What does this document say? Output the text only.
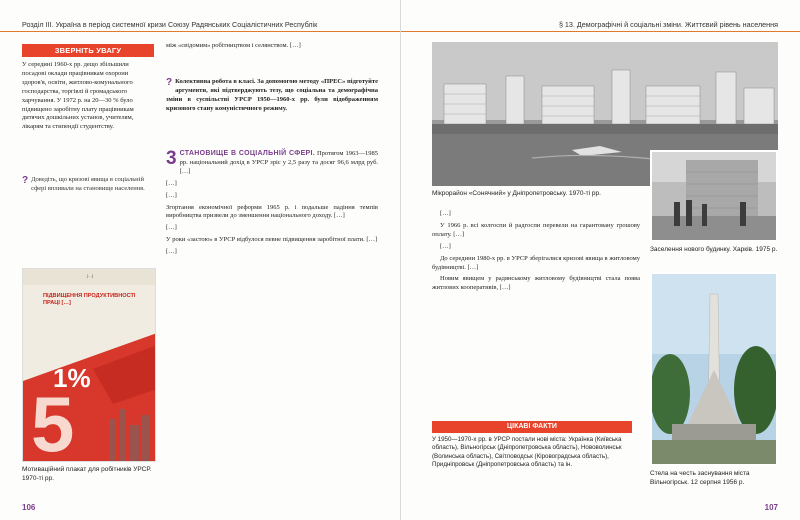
Розділ ІІІ. Україна в період системної кризи Союзу Радянських Соціалістичних Республік
ЗВЕРНІТЬ УВАГУ
У середині 1960-х рр. дещо збільшили посадові оклади працівникам охорони здоров'я, освіти, житлово-комунального господарства, торгівлі й громадського харчування. У 1972 р. на 20—30 % було підвищено заробітну плату працівникам дитячих дошкільних установ, учителям, лікарям та стипендії студентству.
? Доведіть, що кризові явища в соціальній сфері впливали на становище населення.
між «свідомим» робітництвом і селянством. […]
? Колективна робота в класі. За допомогою методу «ПРЕС» підготуйте аргументи, які підтверджують тезу, що соціальна та демографічна зміни в суспільстві УРСР 1950—1960-х рр. були відображенням кризового стану комуністичного режиму.
3 СТАНОВИЩЕ В СОЦІАЛЬНІЙ СФЕРІ. Протягом 1963—1985 рр. національний дохід в УРСР зріс у 2,5 разу та досяг 96,6 млрд руб. […]

[…]

[…]

Згортання економічної реформи 1965 р. і подальше падіння темпів виробництва призвели до зменшення національного доходу. […]

[…]

У роки «застою» в УРСР відбулося певне підвищення заробітної плати. […]

[…]

[…]
ПІДВИЩЕННЯ ПРОДУКТИВНОСТІ ПРАЦІ […]
1%
5
Мотиваційний плакат для робітників УРСР. 1970-ті рр.
106
§ 13. Демографічні й соціальні зміни. Життєвий рівень населення
Мікрорайон «Сонячний» у Дніпропетровську. 1970-ті рр.
Заселення нового будинку. Харків. 1975 р.

[…]

У 1966 р. всі колгоспи й радгоспи перевели на гарантовану грошову оплату. […]

[…]

До середини 1980-х рр. в УРСР зберігалися кризові явища в житловому будівництві. […]

Новим явищем у радянському житловому будівництві стала поява житлових кооперативів, […]

Стела на честь заснування міста Вільногірськ. 12 серпня 1956 р.
ЦІКАВІ ФАКТИ
У 1950—1970-х рр. в УРСР постали нові міста: Українка (Київська область), Вільногірськ (Дніпропетровська область), Нововолинськ (Волинська область), Світловодськ (Кіровоградська область), Придніпровськ (Дніпропетровська область) та ін.
107
